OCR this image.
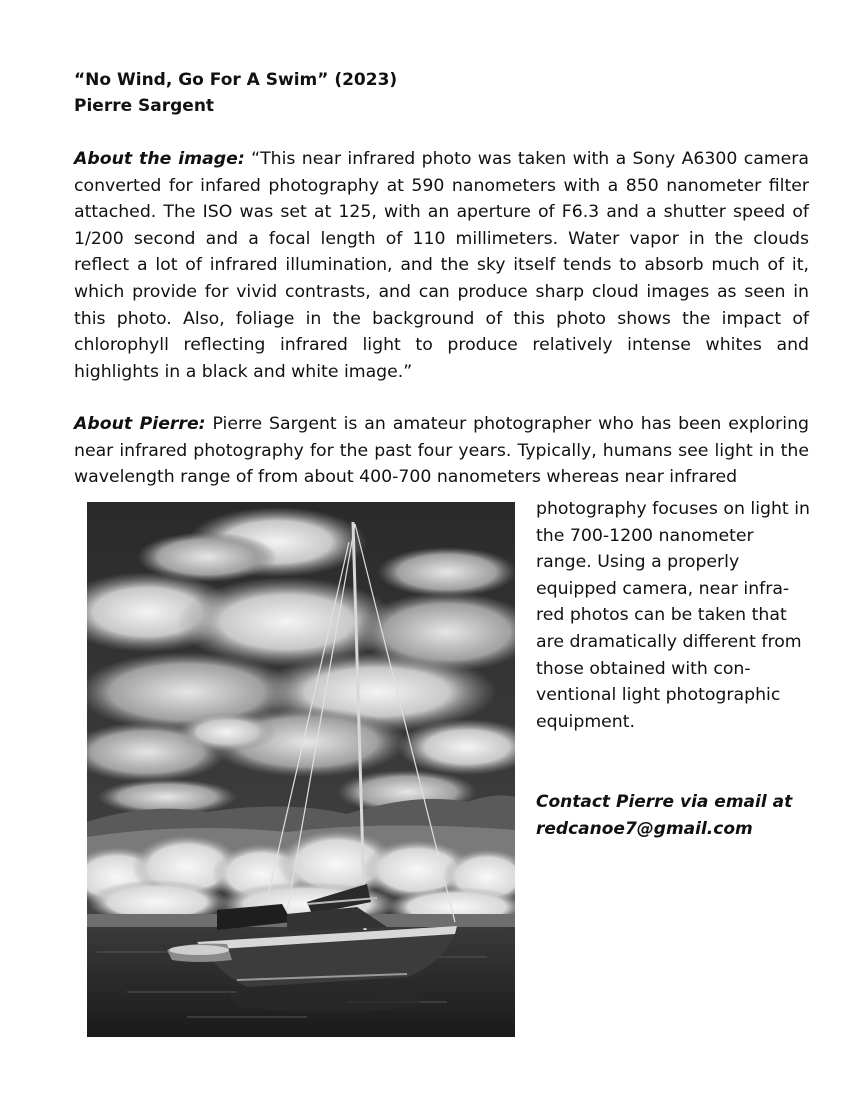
“No Wind, Go For A Swim” (2023)

Pierre Sargent

About the image: “This near infrared photo was taken with a Sony A6300 camera converted for infared photography at 590 nanometers with a 850 nanometer filter attached. The ISO was set at 125, with an aperture of F6.3 and a shutter speed of 1/200 second and a focal length of 110 millimeters. Water vapor in the clouds reflect a lot of infrared illumination, and the sky itself tends to absorb much of it, which provide for vivid contrasts, and can produce sharp cloud images as seen in this photo. Also, foliage in the background of this photo shows the impact of chlorophyll reflecting infrared light to produce relatively intense whites and highlights in a black and white image.”

About Pierre: Pierre Sargent is an amateur photographer who has been exploring near infrared photography for the past four years. Typically, humans see light in the wavelength range of from about 400-700 nanometers whereas near infrared

photography focuses on light in the 700-1200 nanometer range. Using a properly equipped camera, near infra-red photos can be taken that are dramatically different from those obtained with con-ventional light photographic equipment.

Contact Pierre via email at
redcanoe7@gmail.com
